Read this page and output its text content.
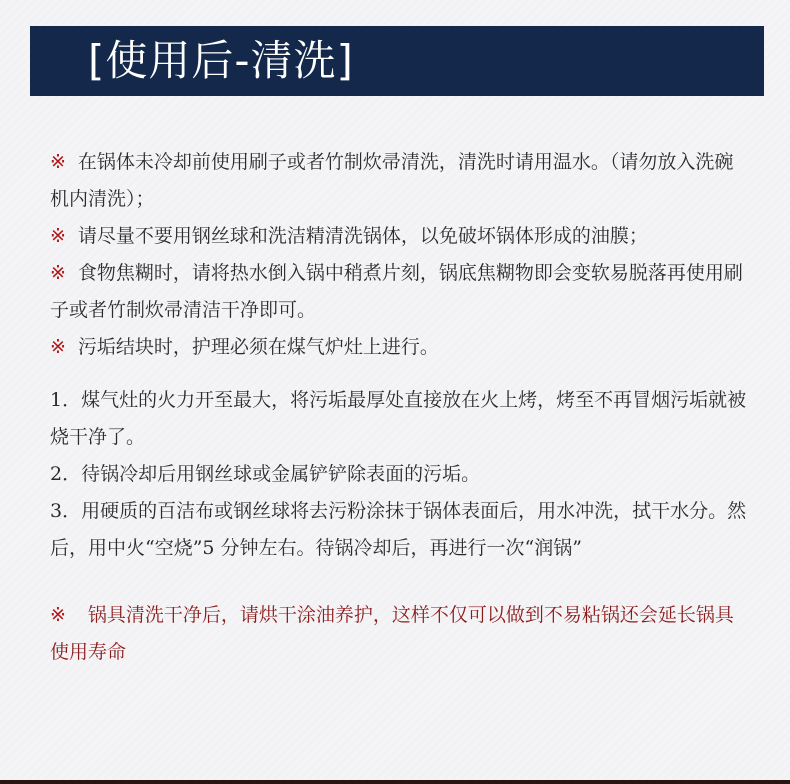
[使用后-清洗]

※ 在锅体未冷却前使用刷子或者竹制炊帚清洗，清洗时请用温水。（请勿放入洗碗机内清洗）；

※ 请尽量不要用钢丝球和洗洁精清洗锅体，以免破坏锅体形成的油膜；

※ 食物焦糊时，请将热水倒入锅中稍煮片刻，锅底焦糊物即会变软易脱落再使用刷子或者竹制炊帚清洁干净即可。

※ 污垢结块时，护理必须在煤气炉灶上进行。

1．煤气灶的火力开至最大，将污垢最厚处直接放在火上烤，烤至不再冒烟污垢就被烧干净了。

2．待锅冷却后用钢丝球或金属铲铲除表面的污垢。

3．用硬质的百洁布或钢丝球将去污粉涂抹于锅体表面后，用水冲洗，拭干水分。然后，用中火“空烧”5 分钟左右。待锅冷却后，再进行一次“润锅”

※ 锅具清洗干净后，请烘干涂油养护，这样不仅可以做到不易粘锅还会延长锅具使用寿命
